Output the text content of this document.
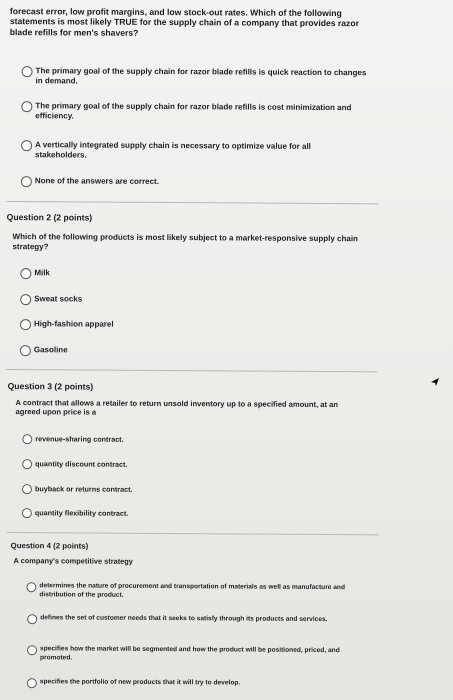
forecast error, low profit margins, and low stock-out rates. Which of the following statements is most likely TRUE for the supply chain of a company that provides razor blade refills for men's shavers?
The primary goal of the supply chain for razor blade refills is quick reaction to changes in demand.
The primary goal of the supply chain for razor blade refills is cost minimization and efficiency.
A vertically integrated supply chain is necessary to optimize value for all stakeholders.
None of the answers are correct.
Question 2 (2 points)
Which of the following products is most likely subject to a market-responsive supply chain strategy?
Milk
Sweat socks
High-fashion apparel
Gasoline
Question 3 (2 points)
A contract that allows a retailer to return unsold inventory up to a specified amount, at an agreed upon price is a
revenue-sharing contract.
quantity discount contract.
buyback or returns contract.
quantity flexibility contract.
Question 4 (2 points)
A company's competitive strategy
determines the nature of procurement and transportation of materials as well as manufacture and distribution of the product.
defines the set of customer needs that it seeks to satisfy through its products and services.
specifies how the market will be segmented and how the product will be positioned, priced, and promoted.
specifies the portfolio of new products that it will try to develop.
